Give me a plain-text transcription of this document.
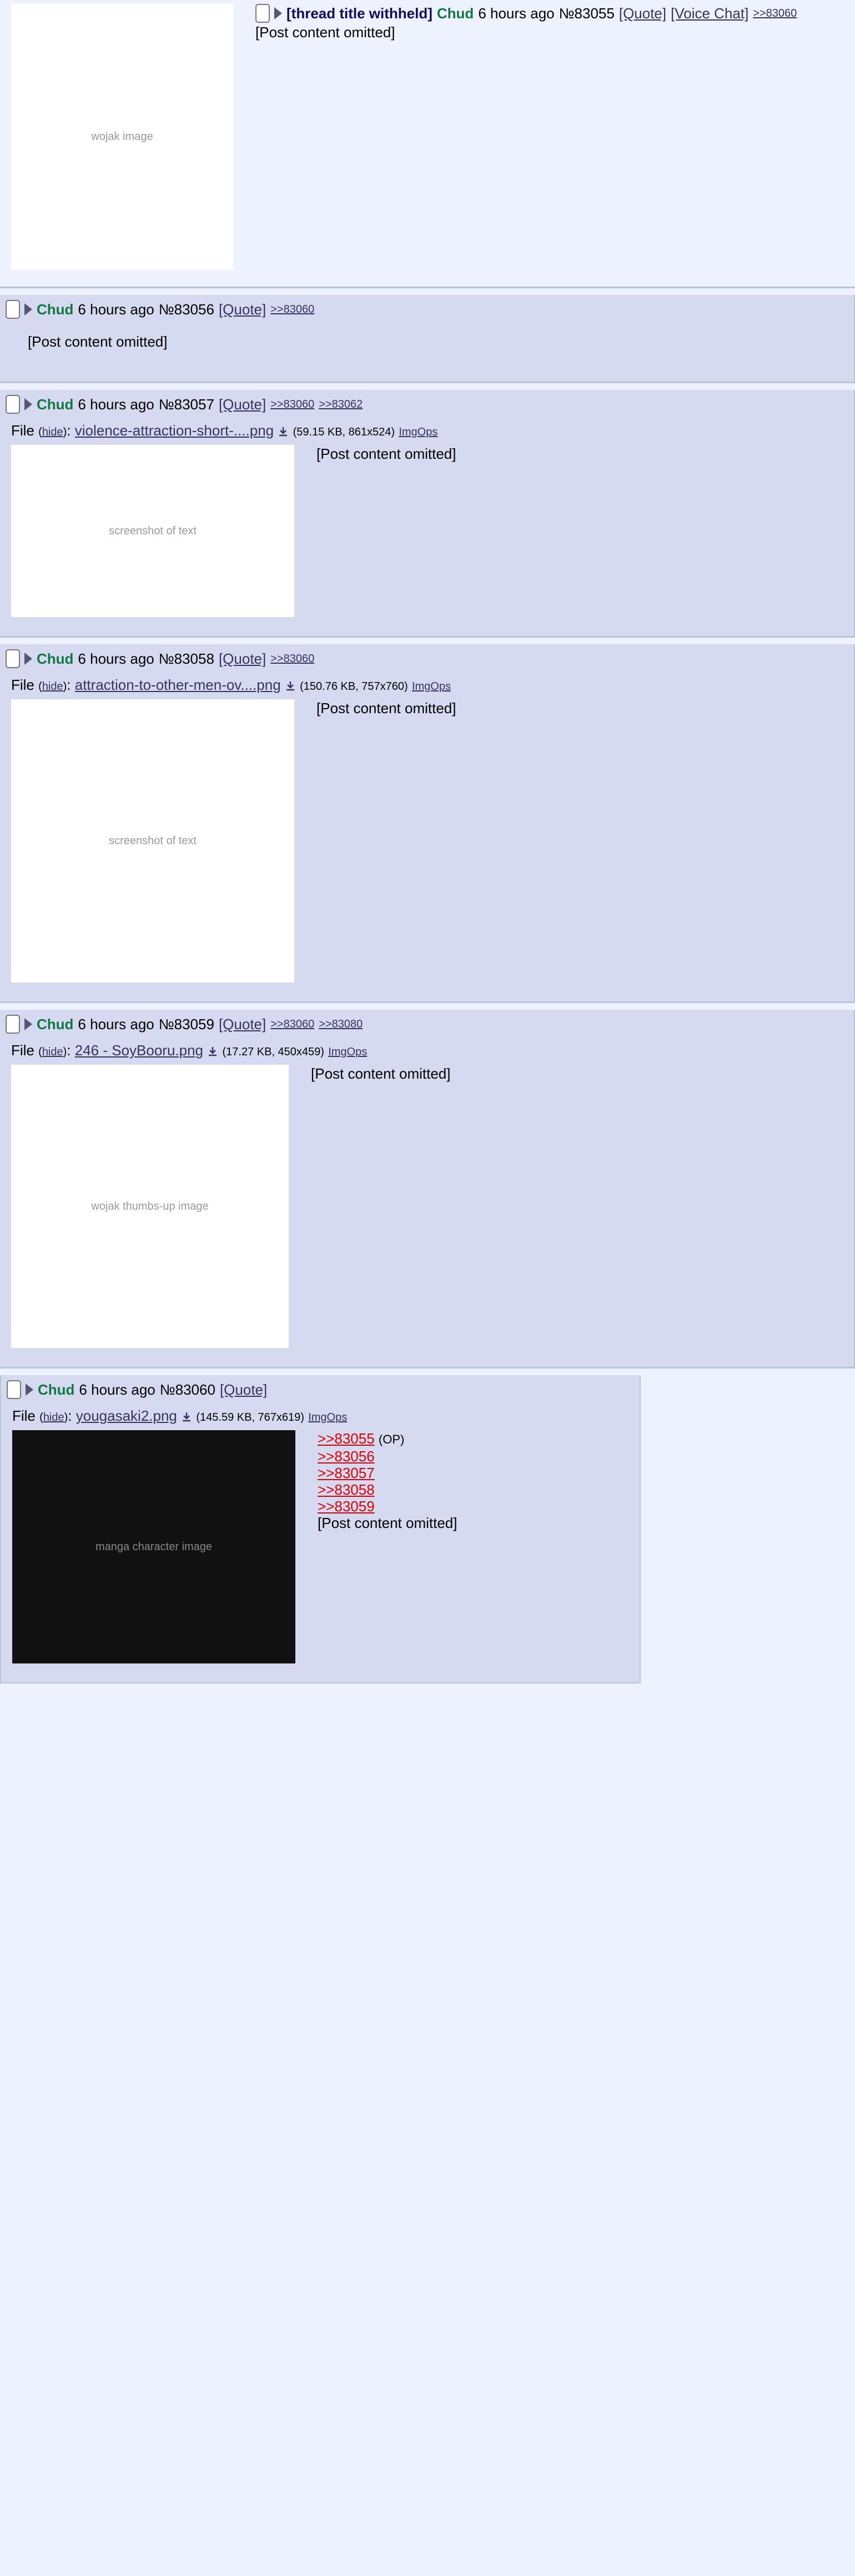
wojak image
[thread title withheld] Chud 6 hours ago №83055 [Quote] [Voice Chat] >>83060

[Post content omitted]

Chud 6 hours ago №83056 [Quote] >>83060

[Post content omitted]

Chud 6 hours ago №83057 [Quote] >>83060 >>83062
File (hide): violence-attraction-short-....png (59.15 KB, 861x524) ImgOps
screenshot of text

[Post content omitted]

Chud 6 hours ago №83058 [Quote] >>83060
File (hide): attraction-to-other-men-ov....png (150.76 KB, 757x760) ImgOps
screenshot of text

[Post content omitted]

Chud 6 hours ago №83059 [Quote] >>83060 >>83080
File (hide): 246 - SoyBooru.png (17.27 KB, 450x459) ImgOps
wojak thumbs-up image

[Post content omitted]

Chud 6 hours ago №83060 [Quote]
File (hide): yougasaki2.png (145.59 KB, 767x619) ImgOps
manga character image
>>83055 (OP)
>>83056
>>83057
>>83058
>>83059

[Post content omitted]
